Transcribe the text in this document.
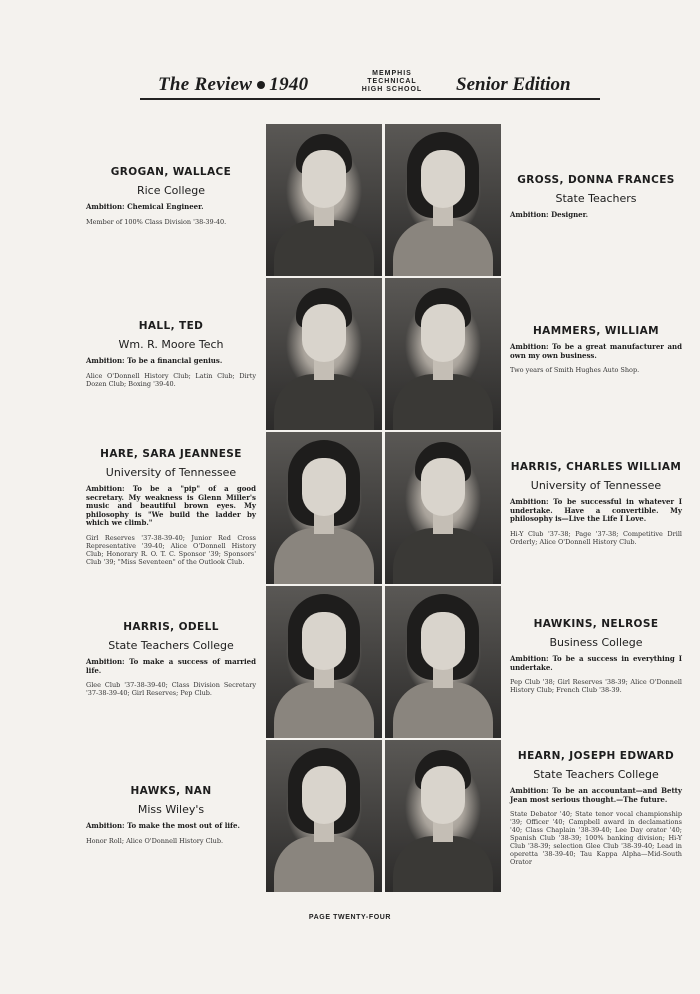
The Review 1940
MEMPHIS
TECHNICAL
HIGH SCHOOL	Senior Edition
GROGAN, WALLACE
Rice College
Ambition: Chemical Engineer.
Member of 100% Class Division '38-39-40.
GROSS, DONNA FRANCES
State Teachers
Ambition: Designer.
HALL, TED
Wm. R. Moore Tech
Ambition: To be a financial genius.
Alice O'Donnell History Club; Latin Club; Dirty Dozen Club; Boxing '39-40.
HAMMERS, WILLIAM
Ambition: To be a great manufacturer and own my own business.
Two years of Smith Hughes Auto Shop.
HARE, SARA JEANNESE
University of Tennessee
Ambition: To be a "pip" of a good secretary. My weakness is Glenn Miller's music and beautiful brown eyes. My philosophy is "We build the ladder by which we climb."
Girl Reserves '37-38-39-40; Junior Red Cross Representative '39-40; Alice O'Donnell History Club; Honorary R. O. T. C. Sponsor '39; Sponsors' Club '39; "Miss Seventeen" of the Outlook Club.
HARRIS, CHARLES WILLIAM
University of Tennessee
Ambition: To be successful in whatever I undertake. Have a convertible. My philosophy is—Live the Life I Love.
Hi-Y Club '37-38; Page '37-38; Competitive Drill Orderly; Alice O'Donnell History Club.
HARRIS, ODELL
State Teachers College
Ambition: To make a success of married life.
Glee Club '37-38-39-40; Class Division Secretary '37-38-39-40; Girl Reserves; Pep Club.
HAWKINS, NELROSE
Business College
Ambition: To be a success in everything I undertake.
Pep Club '38; Girl Reserves '38-39; Alice O'Donnell History Club; French Club '38-39.
HAWKS, NAN
Miss Wiley's
Ambition: To make the most out of life.
Honor Roll; Alice O'Donnell History Club.
HEARN, JOSEPH EDWARD
State Teachers College
Ambition: To be an accountant—and Betty Jean most serious thought.—The future.
State Debator '40; State tenor vocal championship '39; Officer '40; Campbell award in declamations '40; Class Chaplain '38-39-40; Lee Day orator '40; Spanish Club '38-39; 100% banking division; Hi-Y Club '38-39; selection Glee Club '38-39-40; Lead in operetta '38-39-40; Tau Kappa Alpha—Mid-South Orator
PAGE TWENTY-FOUR
